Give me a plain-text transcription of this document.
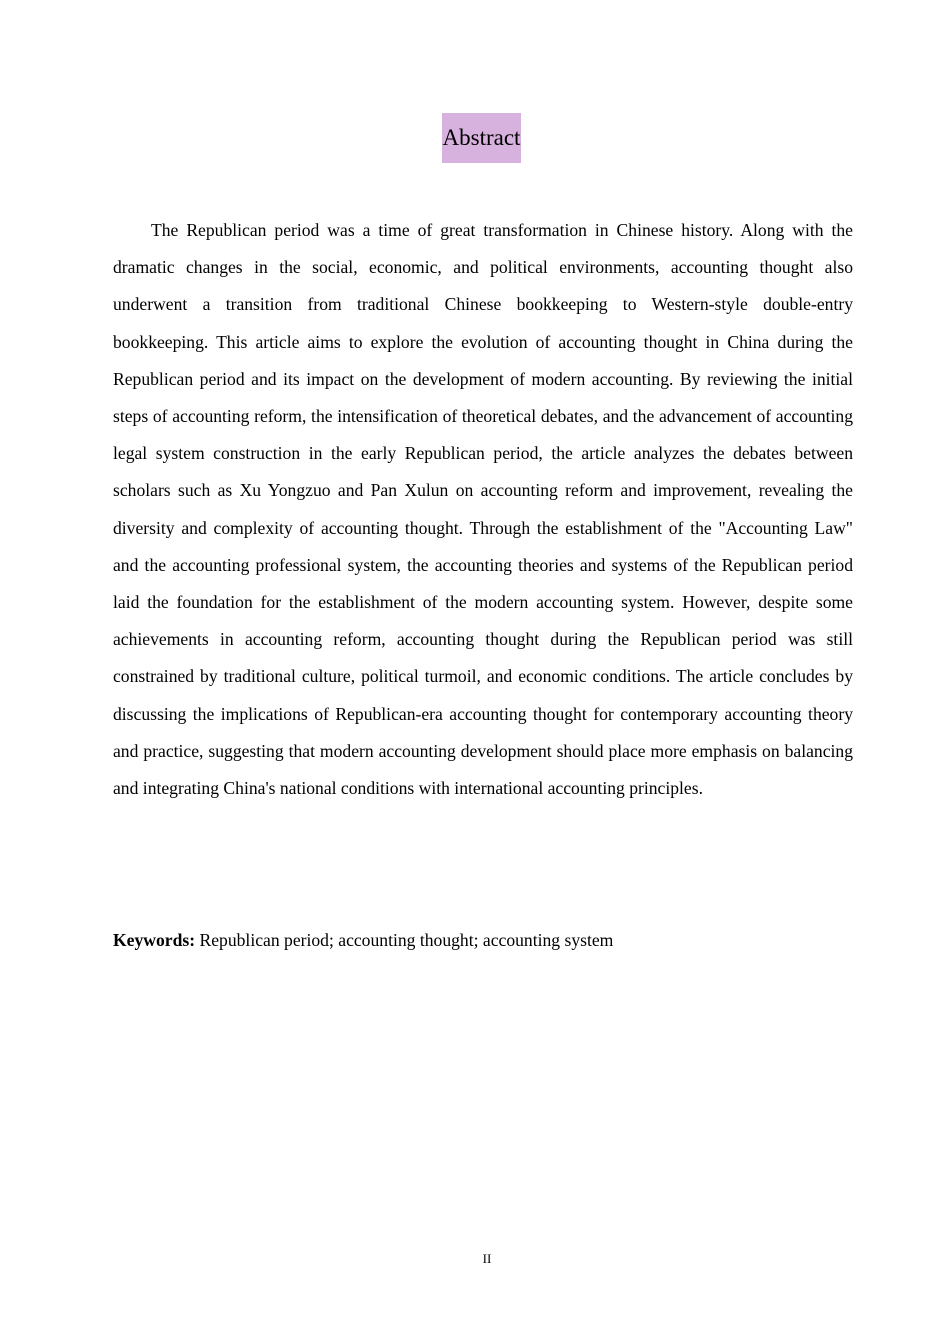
Abstract

The Republican period was a time of great transformation in Chinese history. Along with the dramatic changes in the social, economic, and political environments, accounting thought also underwent a transition from traditional Chinese bookkeeping to Western-style double-entry bookkeeping. This article aims to explore the evolution of accounting thought in China during the Republican period and its impact on the development of modern accounting. By reviewing the initial steps of accounting reform, the intensification of theoretical debates, and the advancement of accounting legal system construction in the early Republican period, the article analyzes the debates between scholars such as Xu Yongzuo and Pan Xulun on accounting reform and improvement, revealing the diversity and complexity of accounting thought. Through the establishment of the "Accounting Law" and the accounting professional system, the accounting theories and systems of the Republican period laid the foundation for the establishment of the modern accounting system. However, despite some achievements in accounting reform, accounting thought during the Republican period was still constrained by traditional culture, political turmoil, and economic conditions. The article concludes by discussing the implications of Republican-era accounting thought for contemporary accounting theory and practice, suggesting that modern accounting development should place more emphasis on balancing and integrating China's national conditions with international accounting principles.

Keywords: Republican period; accounting thought; accounting system

II
